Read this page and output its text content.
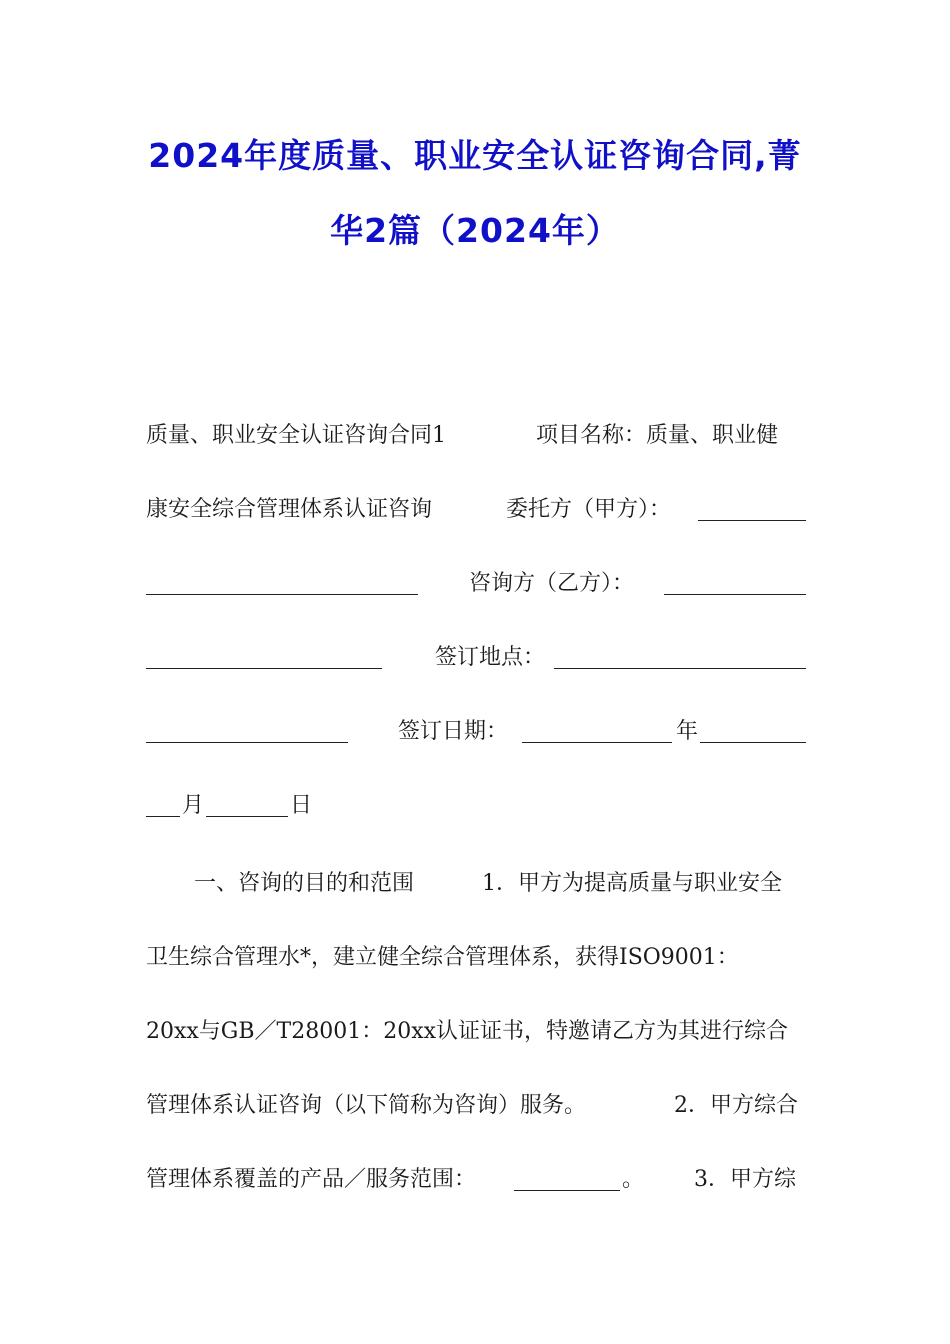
2024年度质量、职业安全认证咨询合同,菁
华2篇（2024年）
质量、职业安全认证咨询合同1	项目名称：质量、职业健
康安全综合管理体系认证咨询	委托方（甲方）：
咨询方（乙方）：
签订地点：
签订日期：	年
月	日
一、咨询的目的和范围	1．甲方为提高质量与职业安全
卫生综合管理水*，建立健全综合管理体系，获得ISO9001：
20xx与GB／T28001：20xx认证证书，特邀请乙方为其进行综合
管理体系认证咨询（以下简称为咨询）服务。	2．甲方综合
管理体系覆盖的产品／服务范围：	。 3．甲方综
